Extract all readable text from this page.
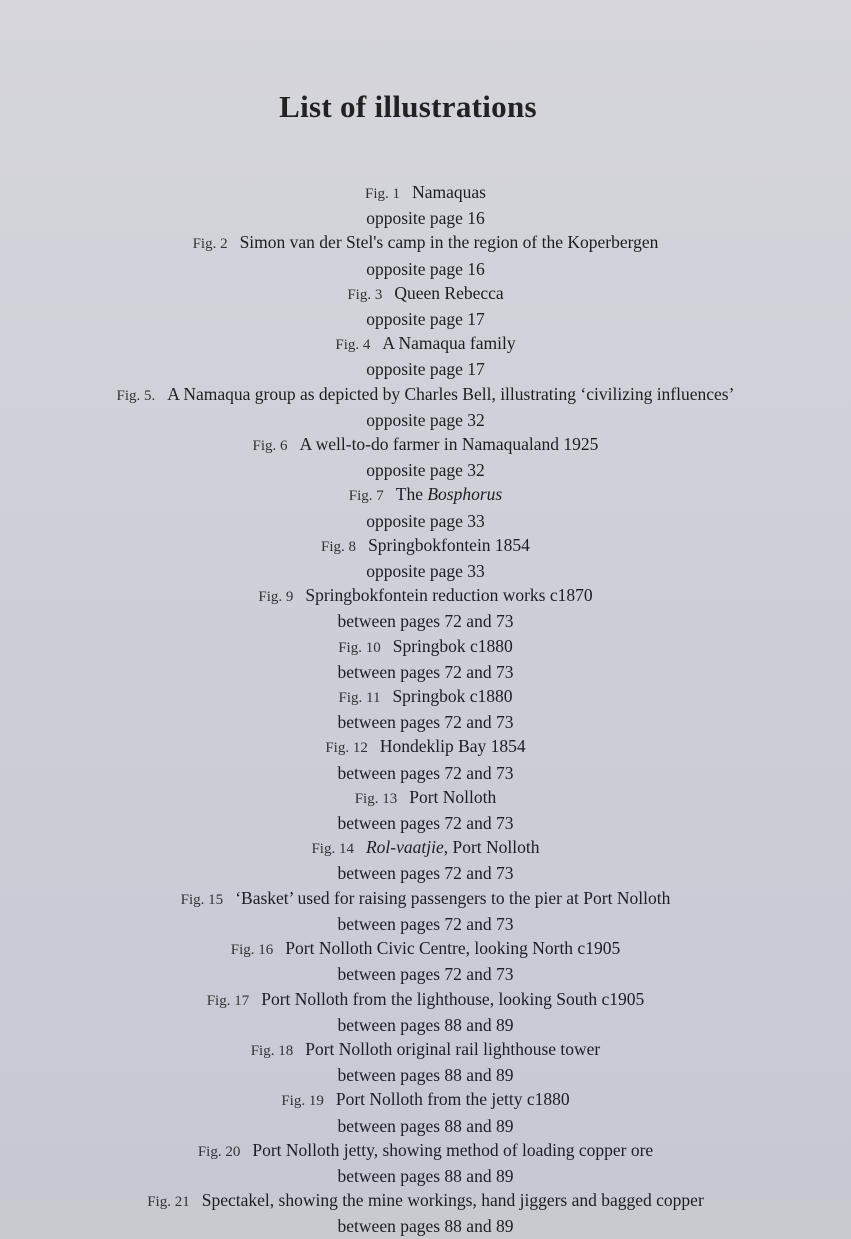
List of illustrations
Fig. 1 Namaquas
opposite page 16
Fig. 2 Simon van der Stel's camp in the region of the Koperbergen
opposite page 16
Fig. 3 Queen Rebecca
opposite page 17
Fig. 4 A Namaqua family
opposite page 17
Fig. 5. A Namaqua group as depicted by Charles Bell, illustrating ‘civilizing influences’
opposite page 32
Fig. 6 A well-to-do farmer in Namaqualand 1925
opposite page 32
Fig. 7 The Bosphorus
opposite page 33
Fig. 8 Springbokfontein 1854
opposite page 33
Fig. 9 Springbokfontein reduction works c1870
between pages 72 and 73
Fig. 10 Springbok c1880
between pages 72 and 73
Fig. 11 Springbok c1880
between pages 72 and 73
Fig. 12 Hondeklip Bay 1854
between pages 72 and 73
Fig. 13 Port Nolloth
between pages 72 and 73
Fig. 14 Rol-vaatjie, Port Nolloth
between pages 72 and 73
Fig. 15 ‘Basket’ used for raising passengers to the pier at Port Nolloth
between pages 72 and 73
Fig. 16 Port Nolloth Civic Centre, looking North c1905
between pages 72 and 73
Fig. 17 Port Nolloth from the lighthouse, looking South c1905
between pages 88 and 89
Fig. 18 Port Nolloth original rail lighthouse tower
between pages 88 and 89
Fig. 19 Port Nolloth from the jetty c1880
between pages 88 and 89
Fig. 20 Port Nolloth jetty, showing method of loading copper ore
between pages 88 and 89
Fig. 21 Spectakel, showing the mine workings, hand jiggers and bagged copper
between pages 88 and 89
